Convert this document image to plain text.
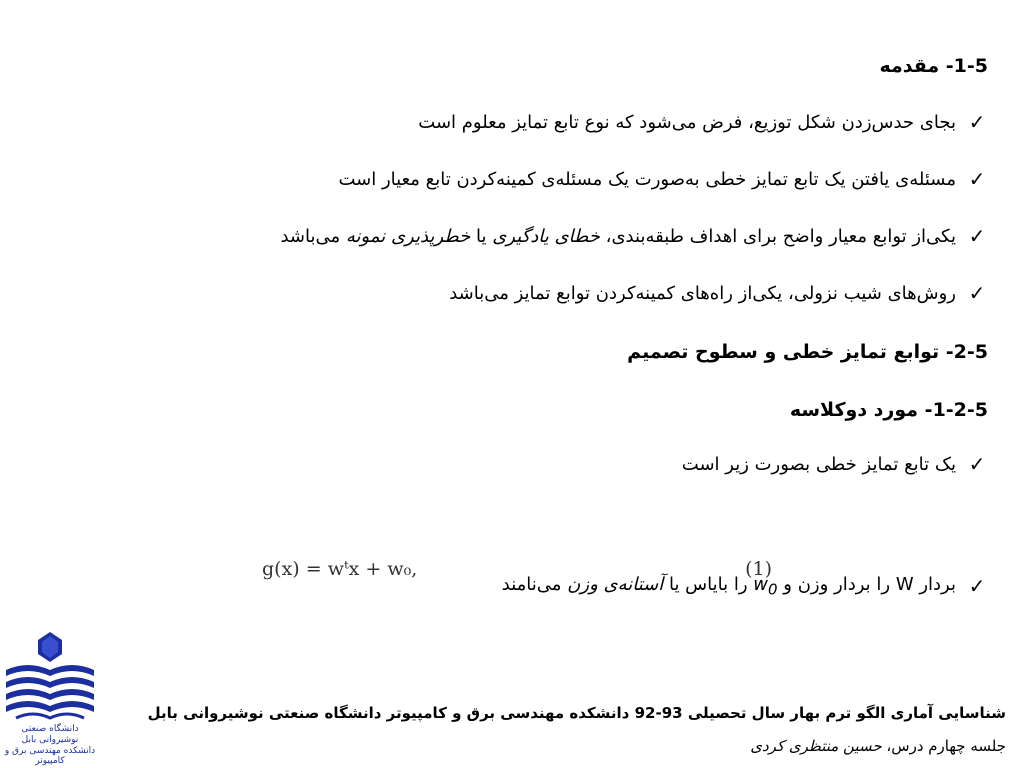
1-5- مقدمه
✓
بجای حدس‌زدن شکل توزیع، فرض می‌شود که نوع تابع تمایز معلوم است
✓
مسئله‌ی یافتن یک تابع تمایز خطی به‌صورت یک مسئله‌ی کمینه‌کردن تابع معیار است
✓
یکی‌از توابع معیار واضح برای اهداف طبقه‌بندی، خطای یادگیری یا خطرپذیری نمونه می‌باشد
✓
روش‌های شیب نزولی، یکی‌از راه‌های کمینه‌کردن توابع تمایز می‌باشد
2-5- توابع تمایز خطی و سطوح تصمیم
1-2-5- مورد دوکلاسه
✓
یک تابع تمایز خطی بصورت زیر است
g(x) = wᵗx + w₀,	(1)
✓
بردار W را بردار وزن و $w_0$ را بایاس یا آستانه‌ی وزن می‌نامند
دانشگاه صنعتی نوشیروانی بابل
دانشکده مهندسی برق و کامپیوتر
شناسایی آماری الگو ترم بهار سال تحصیلی 93-92 دانشکده مهندسی برق و کامپیوتر دانشگاه صنعتی نوشیروانی بابل
جلسه چهارم درس، حسین منتظری کردی
